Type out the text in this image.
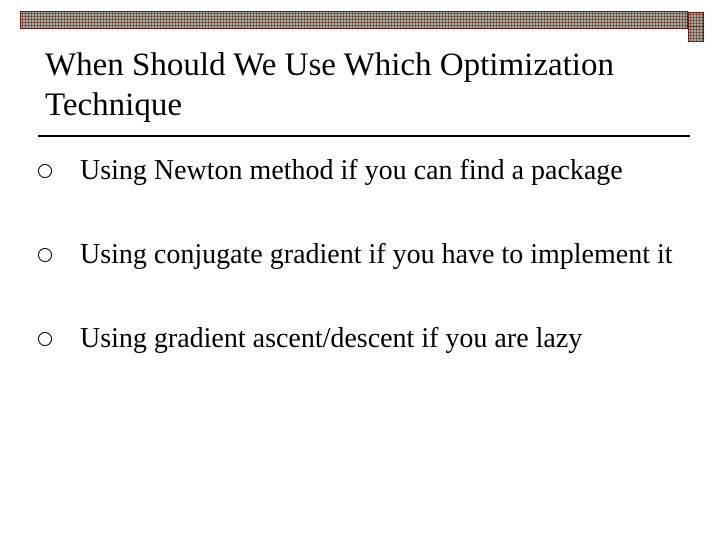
When Should We Use Which Optimization Technique
Using Newton method if you can find a package
Using conjugate gradient if you have to implement it
Using gradient ascent/descent if you are lazy
